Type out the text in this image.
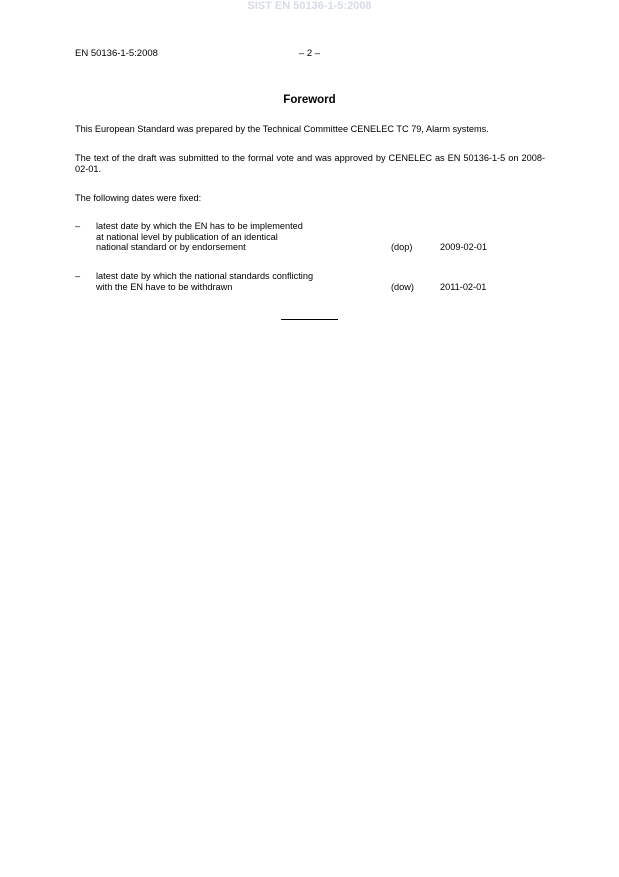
SIST EN 50136-1-5:2008
EN 50136-1-5:2008	– 2 –
Foreword
This European Standard was prepared by the Technical Committee CENELEC TC 79, Alarm systems.
The text of the draft was submitted to the formal vote and was approved by CENELEC as EN 50136-1-5 on 2008-02-01.
The following dates were fixed:
– latest date by which the EN has to be implemented
at national level by publication of an identical
national standard or by endorsement	(dop)	2009-02-01
– latest date by which the national standards conflicting
with the EN have to be withdrawn	(dow)	2011-02-01
